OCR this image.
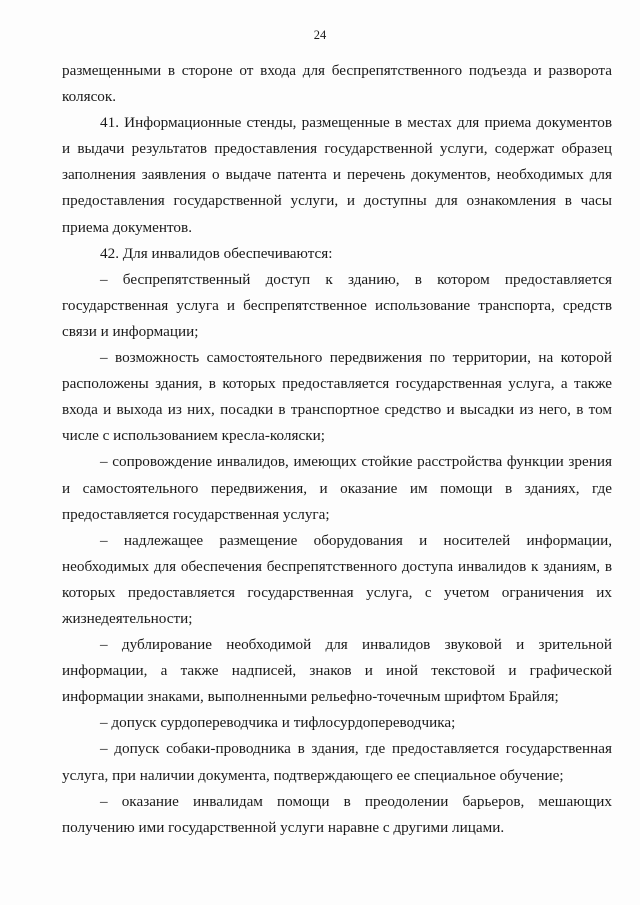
24

размещенными в стороне от входа для беспрепятственного подъезда и разворота колясок.

41. Информационные стенды, размещенные в местах для приема документов и выдачи результатов предоставления государственной услуги, содержат образец заполнения заявления о выдаче патента и перечень документов, необходимых для предоставления государственной услуги, и доступны для ознакомления в часы приема документов.

42. Для инвалидов обеспечиваются:

– беспрепятственный доступ к зданию, в котором предоставляется государственная услуга и беспрепятственное использование транспорта, средств связи и информации;

– возможность самостоятельного передвижения по территории, на которой расположены здания, в которых предоставляется государственная услуга, а также входа и выхода из них, посадки в транспортное средство и высадки из него, в том числе с использованием кресла-коляски;

– сопровождение инвалидов, имеющих стойкие расстройства функции зрения и самостоятельного передвижения, и оказание им помощи в зданиях, где предоставляется государственная услуга;

– надлежащее размещение оборудования и носителей информации, необходимых для обеспечения беспрепятственного доступа инвалидов к зданиям, в которых предоставляется государственная услуга, с учетом ограничения их жизнедеятельности;

– дублирование необходимой для инвалидов звуковой и зрительной информации, а также надписей, знаков и иной текстовой и графической информации знаками, выполненными рельефно-точечным шрифтом Брайля;

– допуск сурдопереводчика и тифлосурдопереводчика;

– допуск собаки-проводника в здания, где предоставляется государственная услуга, при наличии документа, подтверждающего ее специальное обучение;

– оказание инвалидам помощи в преодолении барьеров, мешающих получению ими государственной услуги наравне с другими лицами.
